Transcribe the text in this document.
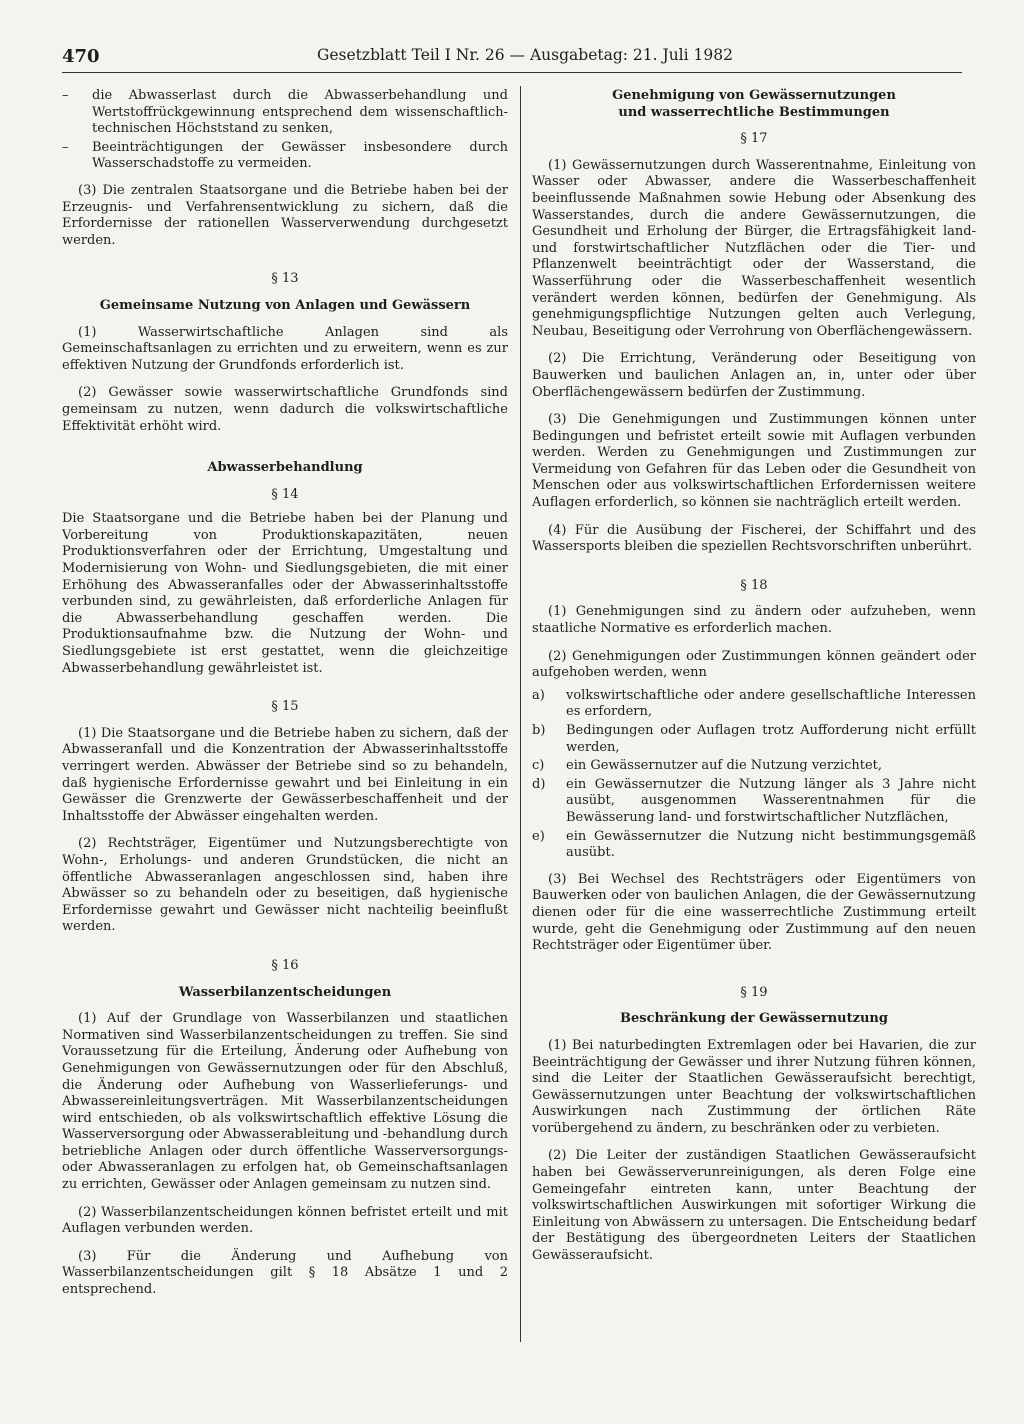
470	Gesetzblatt Teil I Nr. 26 — Ausgabetag: 21. Juli 1982
– die Abwasserlast durch die Abwasserbehandlung und Wertstoffrückgewinnung entsprechend dem wissenschaftlich-technischen Höchststand zu senken,
– Beeinträchtigungen der Gewässer insbesondere durch Wasserschadstoffe zu vermeiden.

(3) Die zentralen Staatsorgane und die Betriebe haben bei der Erzeugnis- und Verfahrensentwicklung zu sichern, daß die Erfordernisse der rationellen Wasserverwendung durchgesetzt werden.

§ 13
Gemeinsame Nutzung von Anlagen und Gewässern

(1) Wasserwirtschaftliche Anlagen sind als Gemeinschaftsanlagen zu errichten und zu erweitern, wenn es zur effektiven Nutzung der Grundfonds erforderlich ist.

(2) Gewässer sowie wasserwirtschaftliche Grundfonds sind gemeinsam zu nutzen, wenn dadurch die volkswirtschaftliche Effektivität erhöht wird.

Abwasserbehandlung
§ 14

Die Staatsorgane und die Betriebe haben bei der Planung und Vorbereitung von Produktionskapazitäten, neuen Produktionsverfahren oder der Errichtung, Umgestaltung und Modernisierung von Wohn- und Siedlungsgebieten, die mit einer Erhöhung des Abwasseranfalles oder der Abwasserinhaltsstoffe verbunden sind, zu gewährleisten, daß erforderliche Anlagen für die Abwasserbehandlung geschaffen werden. Die Produktionsaufnahme bzw. die Nutzung der Wohn- und Siedlungsgebiete ist erst gestattet, wenn die gleichzeitige Abwasserbehandlung gewährleistet ist.

§ 15

(1) Die Staatsorgane und die Betriebe haben zu sichern, daß der Abwasseranfall und die Konzentration der Abwasserinhaltsstoffe verringert werden. Abwässer der Betriebe sind so zu behandeln, daß hygienische Erfordernisse gewahrt und bei Einleitung in ein Gewässer die Grenzwerte der Gewässerbeschaffenheit und der Inhaltsstoffe der Abwässer eingehalten werden.

(2) Rechtsträger, Eigentümer und Nutzungsberechtigte von Wohn-, Erholungs- und anderen Grundstücken, die nicht an öffentliche Abwasseranlagen angeschlossen sind, haben ihre Abwässer so zu behandeln oder zu beseitigen, daß hygienische Erfordernisse gewahrt und Gewässer nicht nachteilig beeinflußt werden.

§ 16
Wasserbilanzentscheidungen

(1) Auf der Grundlage von Wasserbilanzen und staatlichen Normativen sind Wasserbilanzentscheidungen zu treffen. Sie sind Voraussetzung für die Erteilung, Änderung oder Aufhebung von Genehmigungen von Gewässernutzungen oder für den Abschluß, die Änderung oder Aufhebung von Wasserlieferungs- und Abwassereinleitungsverträgen. Mit Wasserbilanzentscheidungen wird entschieden, ob als volkswirtschaftlich effektive Lösung die Wasserversorgung oder Abwasserableitung und -behandlung durch betriebliche Anlagen oder durch öffentliche Wasserversorgungs- oder Abwasseranlagen zu erfolgen hat, ob Gemeinschaftsanlagen zu errichten, Gewässer oder Anlagen gemeinsam zu nutzen sind.

(2) Wasserbilanzentscheidungen können befristet erteilt und mit Auflagen verbunden werden.

(3) Für die Änderung und Aufhebung von Wasserbilanzentscheidungen gilt § 18 Absätze 1 und 2 entsprechend.

Genehmigung von Gewässernutzungen
und wasserrechtliche Bestimmungen
§ 17

(1) Gewässernutzungen durch Wasserentnahme, Einleitung von Wasser oder Abwasser, andere die Wasserbeschaffenheit beeinflussende Maßnahmen sowie Hebung oder Absenkung des Wasserstandes, durch die andere Gewässernutzungen, die Gesundheit und Erholung der Bürger, die Ertragsfähigkeit land- und forstwirtschaftlicher Nutzflächen oder die Tier- und Pflanzenwelt beeinträchtigt oder der Wasserstand, die Wasserführung oder die Wasserbeschaffenheit wesentlich verändert werden können, bedürfen der Genehmigung. Als genehmigungspflichtige Nutzungen gelten auch Verlegung, Neubau, Beseitigung oder Verrohrung von Oberflächengewässern.

(2) Die Errichtung, Veränderung oder Beseitigung von Bauwerken und baulichen Anlagen an, in, unter oder über Oberflächengewässern bedürfen der Zustimmung.

(3) Die Genehmigungen und Zustimmungen können unter Bedingungen und befristet erteilt sowie mit Auflagen verbunden werden. Werden zu Genehmigungen und Zustimmungen zur Vermeidung von Gefahren für das Leben oder die Gesundheit von Menschen oder aus volkswirtschaftlichen Erfordernissen weitere Auflagen erforderlich, so können sie nachträglich erteilt werden.

(4) Für die Ausübung der Fischerei, der Schiffahrt und des Wassersports bleiben die speziellen Rechtsvorschriften unberührt.

§ 18

(1) Genehmigungen sind zu ändern oder aufzuheben, wenn staatliche Normative es erforderlich machen.

(2) Genehmigungen oder Zustimmungen können geändert oder aufgehoben werden, wenn

a) volkswirtschaftliche oder andere gesellschaftliche Interessen es erfordern,
b) Bedingungen oder Auflagen trotz Aufforderung nicht erfüllt werden,
c) ein Gewässernutzer auf die Nutzung verzichtet,
d) ein Gewässernutzer die Nutzung länger als 3 Jahre nicht ausübt, ausgenommen Wasserentnahmen für die Bewässerung land- und forstwirtschaftlicher Nutzflächen,
e) ein Gewässernutzer die Nutzung nicht bestimmungsgemäß ausübt.

(3) Bei Wechsel des Rechtsträgers oder Eigentümers von Bauwerken oder von baulichen Anlagen, die der Gewässernutzung dienen oder für die eine wasserrechtliche Zustimmung erteilt wurde, geht die Genehmigung oder Zustimmung auf den neuen Rechtsträger oder Eigentümer über.

§ 19
Beschränkung der Gewässernutzung

(1) Bei naturbedingten Extremlagen oder bei Havarien, die zur Beeinträchtigung der Gewässer und ihrer Nutzung führen können, sind die Leiter der Staatlichen Gewässeraufsicht berechtigt, Gewässernutzungen unter Beachtung der volkswirtschaftlichen Auswirkungen nach Zustimmung der örtlichen Räte vorübergehend zu ändern, zu beschränken oder zu verbieten.

(2) Die Leiter der zuständigen Staatlichen Gewässeraufsicht haben bei Gewässerverunreinigungen, als deren Folge eine Gemeingefahr eintreten kann, unter Beachtung der volkswirtschaftlichen Auswirkungen mit sofortiger Wirkung die Einleitung von Abwässern zu untersagen. Die Entscheidung bedarf der Bestätigung des übergeordneten Leiters der Staatlichen Gewässeraufsicht.
